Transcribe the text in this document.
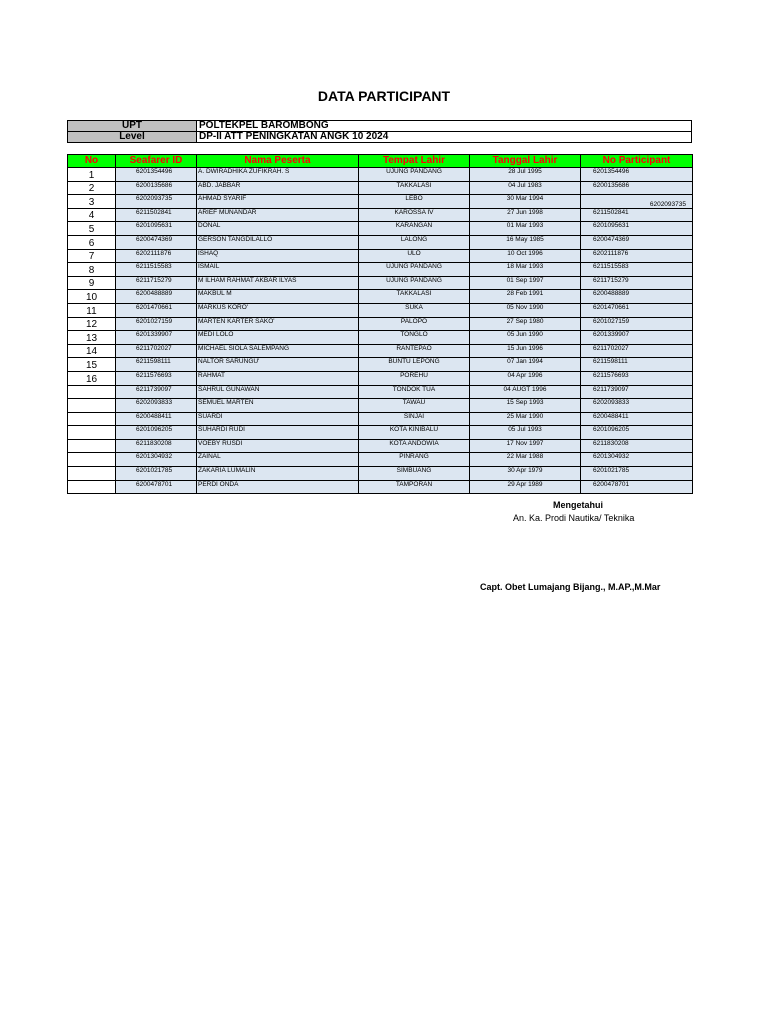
DATA PARTICIPANT
UPT	POLTEKPEL BAROMBONG
Level	DP-II ATT PENINGKATAN ANGK 10 2024
No	Seafarer ID	Nama Peserta	Tempat Lahir	Tanggal Lahir	No Participant
1	6201354496	A. DWIRADHIKA ZUFIKRAH. S	UJUNG PANDANG	28 Jul 1995	6201354496
2	6200135686	ABD. JABBAR	TAKKALASI	04 Jul 1983	6200135686
3	6202093735	AHMAD SYARIF	LEBO	30 Mar 1994	6202093735
4	6211502841	ARIEF MUNANDAR	KAROSSA IV	27 Jun 1998	6211502841
5	6201095631	DONAL	KARANGAN	01 Mar 1993	6201095631
6	6200474369	GERSON TANGDILALLO	LALONG	16 May 1985	6200474369
7	6202111876	ISHAQ	ULO	10 Oct 1996	6202111876
8	6211515583	ISMAIL	UJUNG PANDANG	18 Mar 1993	6211515583
9	6211715279	M ILHAM RAHMAT AKBAR ILYAS	UJUNG PANDANG	01 Sep 1997	6211715279
10	6200488889	MAKBUL M	TAKKALASI	28 Feb 1991	6200488889
11	6201470661	MARKUS KORO'	SUKA	05 Nov 1990	6201470661
12	6201027159	MARTEN KARTER SAKO'	PALOPO	27 Sep 1980	6201027159
13	6201339907	MEDI LOLO	TONGLO	05 Jun 1990	6201339907
14	6211702027	MICHAEL SIOLA SALEMPANG	RANTEPAO	15 Jun 1996	6211702027
15	6211598111	NALTOR SARUNGU'	BUNTU LEPONG	07 Jan 1994	6211598111
16	6211576693	RAHMAT	POREHU	04 Apr 1996	6211576693
	6211739097	SAHRUL GUNAWAN	TONDOK TUA	04 AUGT 1996	6211739097
	6202093833	SEMUEL MARTEN	TAWAU	15 Sep 1993	6202093833
	6200488411	SUARDI	SINJAI	25 Mar 1990	6200488411
	6201096205	SUHARDI RUDI	KOTA KINIBALU	05 Jul 1993	6201096205
	6211830208	VOEBY RUSDI	KOTA ANDOWIA	17 Nov 1997	6211830208
	6201304932	ZAINAL	PINRANG	22 Mar 1988	6201304932
	6201021785	ZAKARIA LUMALIN	SIMBUANG	30 Apr 1979	6201021785
	6200478701	PERDI ONDA	TAMPORAN	29 Apr 1989	6200478701
Mengetahui
An. Ka. Prodi Nautika/ Teknika
Capt. Obet Lumajang Bijang., M.AP.,M.Mar
